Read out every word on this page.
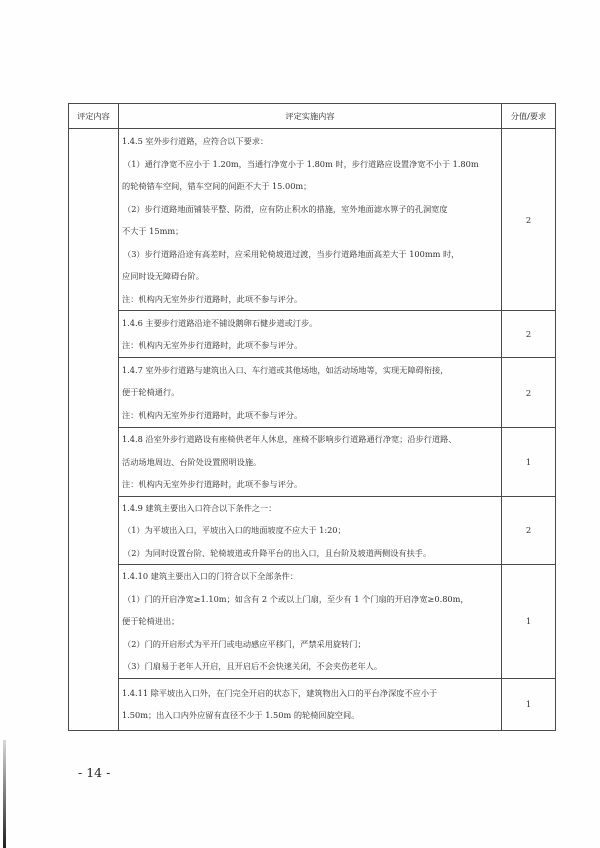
评定内容	评定实施内容	分值/要求

1.4.5 室外步行道路，应符合以下要求：
（1）通行净宽不应小于 1.20m，当通行净宽小于 1.80m 时，步行道路应设置净宽不小于 1.80m
的轮椅错车空间，错车空间的间距不大于 15.00m；
（2）步行道路地面铺装平整、防滑，应有防止积水的措施，室外地面滤水箅子的孔洞宽度
不大于 15mm；
（3）步行道路沿途有高差时，应采用轮椅坡道过渡，当步行道路地面高差大于 100mm 时，
应同时设无障碍台阶。
注：机构内无室外步行道路时，此项不参与评分。
	2

	1.4.6 主要步行道路沿途不铺设鹅卵石健步道或汀步。
注：机构内无室外步行道路时，此项不参与评分。	2

	1.4.7 室外步行道路与建筑出入口、车行道或其他场地，如活动场地等，实现无障碍衔接，
便于轮椅通行。
注：机构内无室外步行道路时，此项不参与评分。	2

	1.4.8 沿室外步行道路设有座椅供老年人休息，座椅不影响步行道路通行净宽；沿步行道路、
活动场地周边、台阶处设置照明设施。
注：机构内无室外步行道路时，此项不参与评分。	1

	1.4.9 建筑主要出入口符合以下条件之一：
（1）为平坡出入口，平坡出入口的地面坡度不应大于 1:20；
（2）为同时设置台阶、轮椅坡道或升降平台的出入口，且台阶及坡道两侧设有扶手。	2

	1.4.10 建筑主要出入口的门符合以下全部条件：
（1）门的开启净宽≥1.10m；如含有 2 个或以上门扇，至少有 1 个门扇的开启净宽≥0.80m，
便于轮椅进出；
（2）门的开启形式为平开门或电动感应平移门，严禁采用旋转门；
（3）门扇易于老年人开启，且开启后不会快速关闭，不会夹伤老年人。	1

	1.4.11 除平坡出入口外，在门完全开启的状态下，建筑物出入口的平台净深度不应小于
1.50m；出入口内外应留有直径不少于 1.50m 的轮椅回旋空间。	1
- 14 -
